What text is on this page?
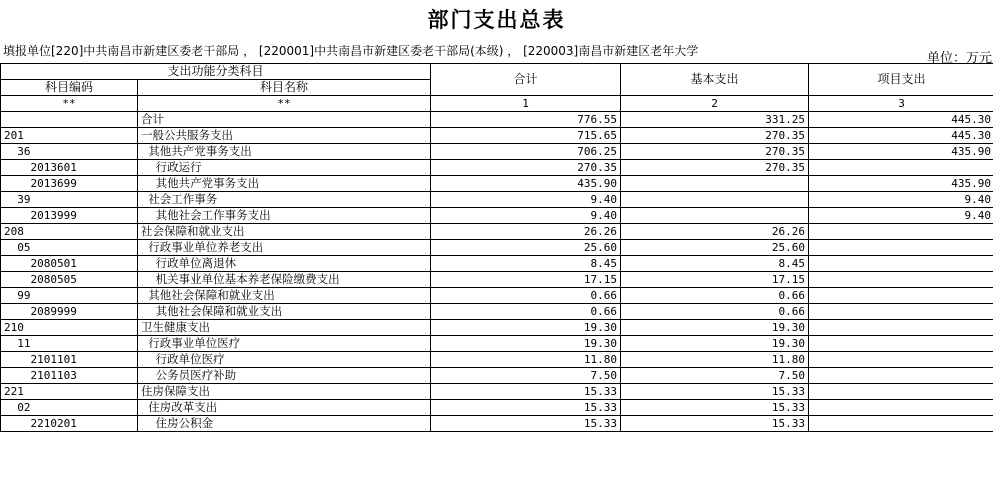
部门支出总表
填报单位[220]中共南昌市新建区委老干部局 ， [220001]中共南昌市新建区委老干部局(本级) ， [220003]南昌市新建区老年大学	单位：万元
支出功能分类科目		合计	基本支出	项目支出
科目编码	科目名称			
**	**	1	2	3
	合计	776.55	331.25	445.30
201	一般公共服务支出	715.65	270.35	445.30
36	其他共产党事务支出	706.25	270.35	435.90
2013601	行政运行	270.35	270.35	
2013699	其他共产党事务支出	435.90		435.90
39	社会工作事务	9.40		9.40
2013999	其他社会工作事务支出	9.40		9.40
208	社会保障和就业支出	26.26	26.26	
05	行政事业单位养老支出	25.60	25.60	
2080501	行政单位离退休	8.45	8.45	
2080505	机关事业单位基本养老保险缴费支出	17.15	17.15	
99	其他社会保障和就业支出	0.66	0.66	
2089999	其他社会保障和就业支出	0.66	0.66	
210	卫生健康支出	19.30	19.30	
11	行政事业单位医疗	19.30	19.30	
2101101	行政单位医疗	11.80	11.80	
2101103	公务员医疗补助	7.50	7.50	
221	住房保障支出	15.33	15.33	
02	住房改革支出	15.33	15.33	
2210201	住房公积金	15.33	15.33	
